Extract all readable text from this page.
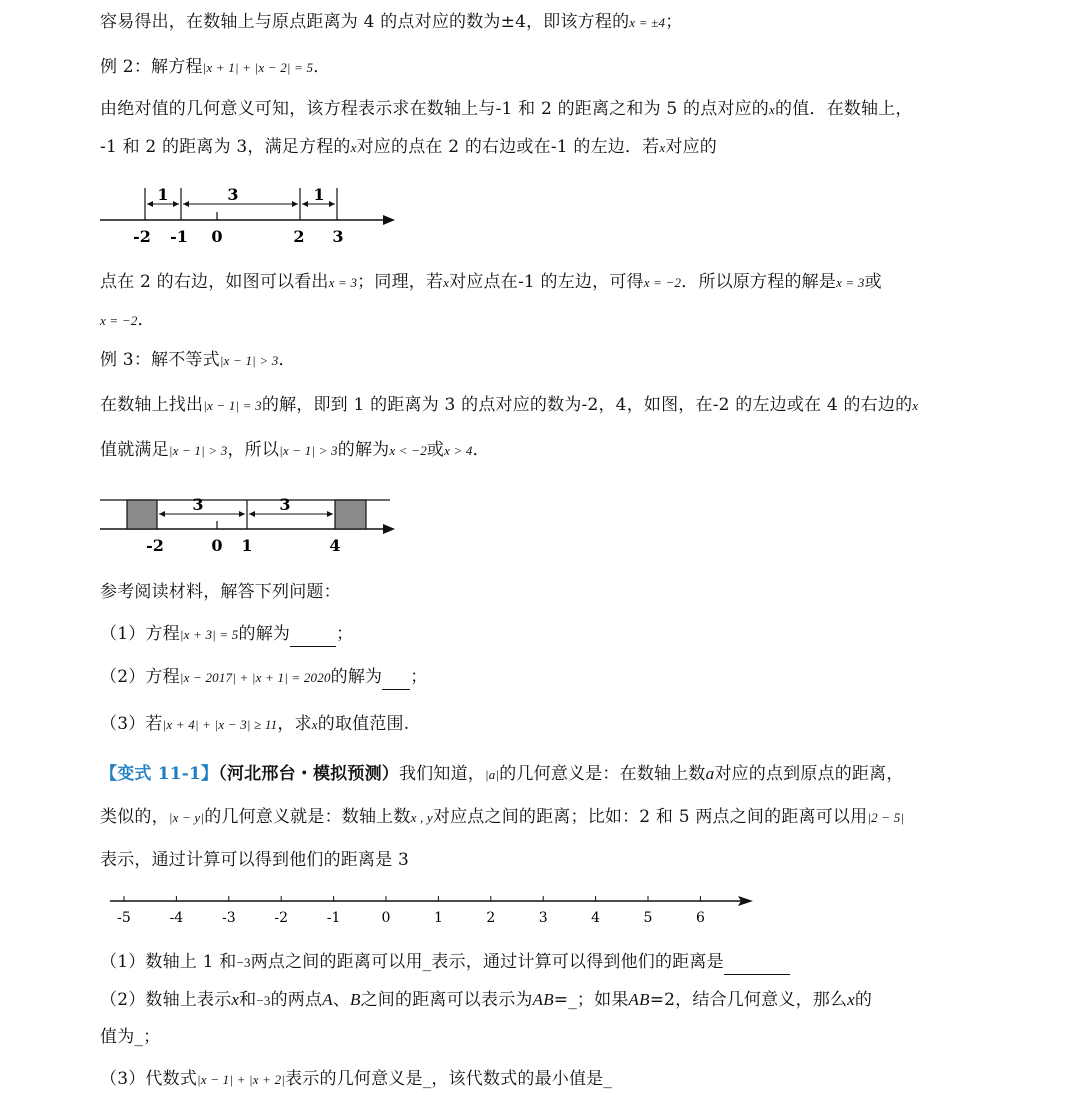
容易得出，在数轴上与原点距离为 4 的点对应的数为±4，即该方程的x = ±4；
例 2：解方程|x + 1| + |x − 2| = 5．
由绝对值的几何意义可知，该方程表示求在数轴上与-1 和 2 的距离之和为 5 的点对应的x的值．在数轴上，
-1 和 2 的距离为 3，满足方程的x对应的点在 2 的右边或在-1 的左边．若x对应的
1	3	1
-2 -1 0	2 3
点在 2 的右边，如图可以看出x = 3；同理，若x对应点在-1 的左边，可得x = −2．所以原方程的解是x = 3或
x = −2．
例 3：解不等式|x − 1| > 3．
在数轴上找出|x − 1| = 3的解，即到 1 的距离为 3 的点对应的数为-2，4，如图，在-2 的左边或在 4 的右边的x
值就满足|x − 1| > 3，所以|x − 1| > 3的解为x < −2或x > 4．
3	3
-2	0 1	4
参考阅读材料，解答下列问题：
（1）方程|x + 3| = 5的解为	；
（2）方程|x − 2017| + |x + 1| = 2020的解为 ；
（3）若|x + 4| + |x − 3| ≥ 11，求x的取值范围.
【变式 11-1】（河北邢台・模拟预测）我们知道，|a|的几何意义是：在数轴上数a对应的点到原点的距离，
类似的，|x − y|的几何意义就是：数轴上数x , y对应点之间的距离；比如：2 和 5 两点之间的距离可以用|2 − 5|
表示，通过计算可以得到他们的距离是 3
-5	-4	-3	-2	-1	0	1	2	3	4	5	6
（1）数轴上 1 和−3两点之间的距离可以用_表示，通过计算可以得到他们的距离是
（2）数轴上表示x和−3的两点A、B之间的距离可以表示为AB=_；如果AB=2，结合几何意义，那么x的
值为_；
（3）代数式|x − 1| + |x + 2|表示的几何意义是_，该代数式的最小值是_
